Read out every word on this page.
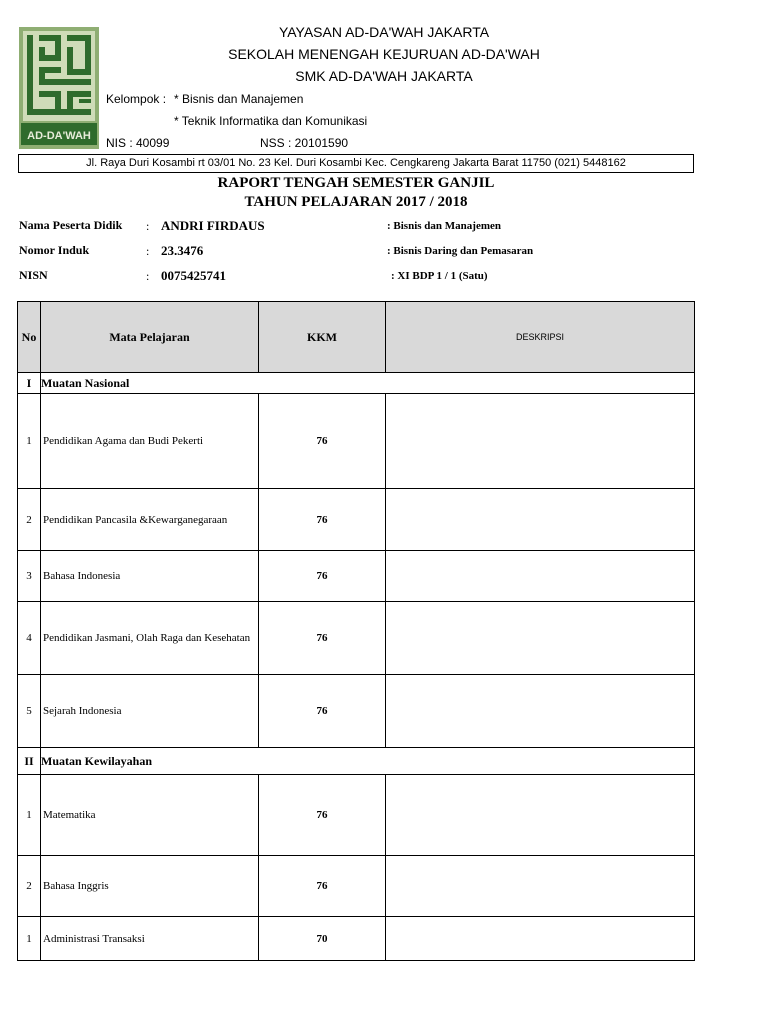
AD-DA'WAH
YAYASAN AD-DA'WAH JAKARTA
SEKOLAH MENENGAH KEJURUAN AD-DA'WAH
SMK AD-DA'WAH JAKARTA
Kelompok : * Bisnis dan Manajemen
* Teknik Informatika dan Komunikasi
NIS : 40099	NSS : 20101590
Jl. Raya Duri Kosambi rt 03/01 No. 23 Kel. Duri Kosambi Kec. Cengkareng Jakarta Barat 11750 (021) 5448162
RAPORT TENGAH SEMESTER GANJIL
TAHUN PELAJARAN 2017 / 2018
Nama Peserta Didik : ANDRI FIRDAUS	: Bisnis dan Manajemen
Nomor Induk	: 23.3476	: Bisnis Daring dan Pemasaran
NISN	: 0075425741	: XI BDP 1 / 1 (Satu)
No	Mata Pelajaran	KKM	DESKRIPSI
I	Muatan Nasional		
1	Pendidikan Agama dan Budi Pekerti	76	
2	Pendidikan Pancasila &Kewarganegaraan	76	
3	Bahasa Indonesia	76	
4	Pendidikan Jasmani, Olah Raga dan Kesehatan	76	
5	Sejarah Indonesia	76	
II	Muatan Kewilayahan		
1	Matematika	76	
2	Bahasa Inggris	76	
1	Administrasi Transaksi	70	
